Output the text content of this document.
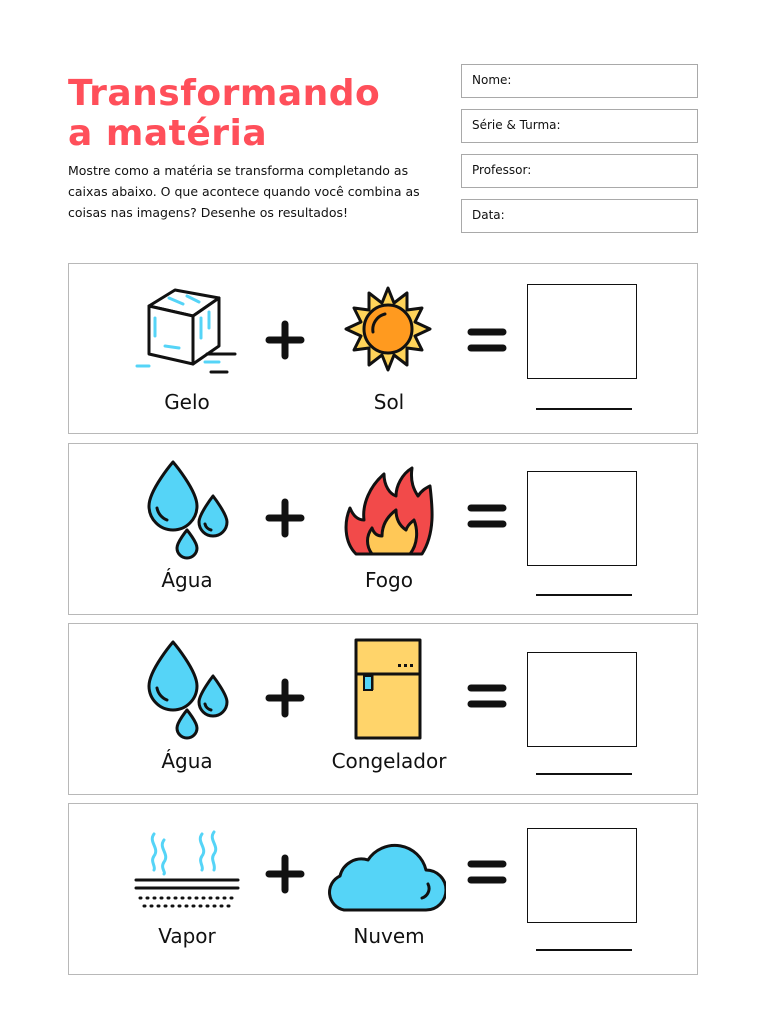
Transformando
a matéria

Mostre como a matéria se transforma completando as caixas abaixo. O que acontece quando você combina as coisas nas imagens? Desenhe os resultados!

Nome:
Série & Turma:
Professor:
Data:
Gelo	Sol
Água	Fogo
Água	Congelador
Vapor	Nuvem
